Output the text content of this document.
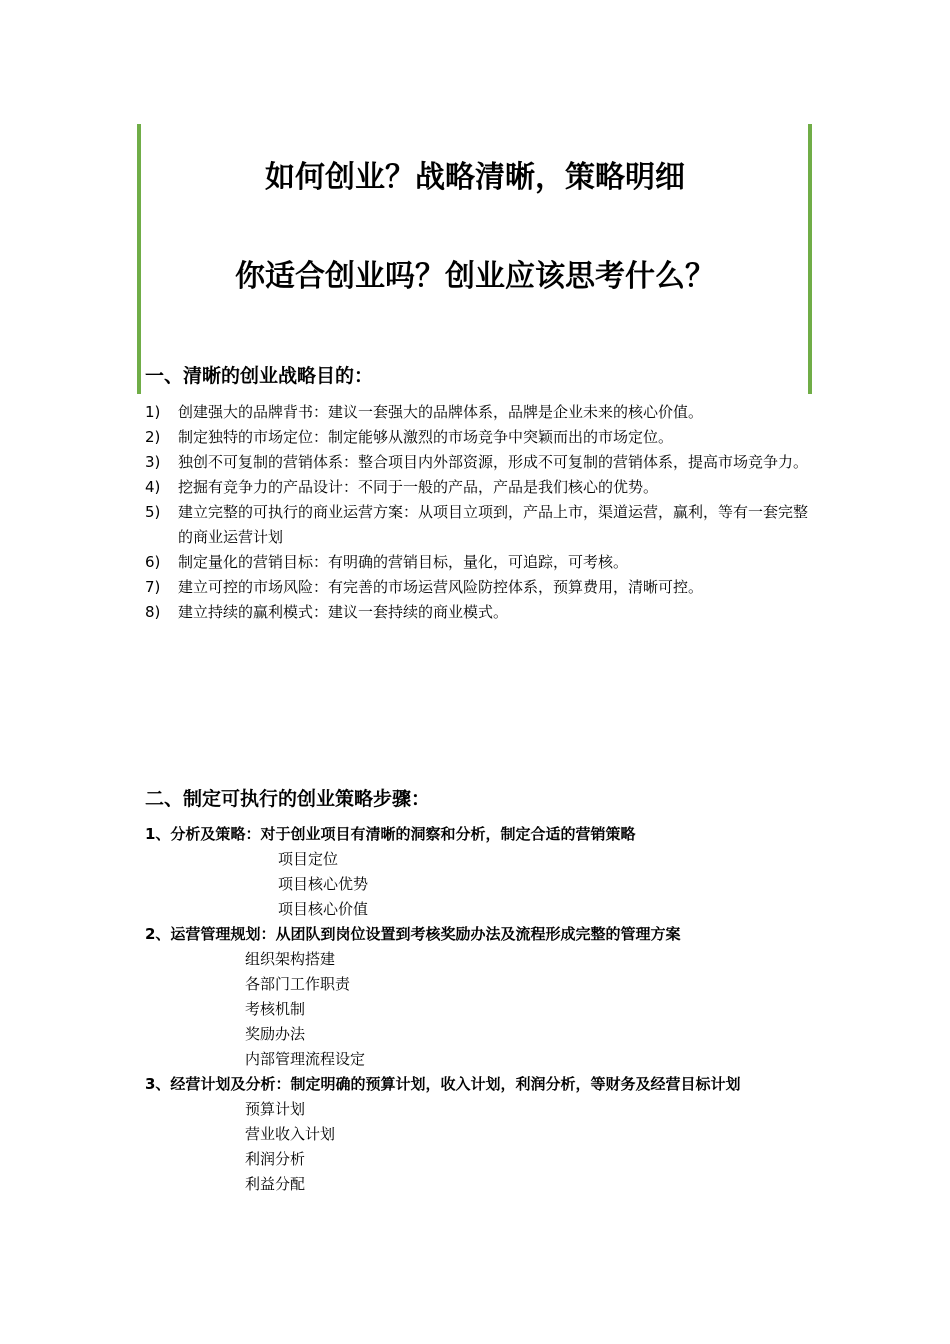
如何创业？战略清晰，策略明细
你适合创业吗？创业应该思考什么？
一、清晰的创业战略目的：
1) 创建强大的品牌背书：建议一套强大的品牌体系，品牌是企业未来的核心价值。
2) 制定独特的市场定位：制定能够从激烈的市场竞争中突颖而出的市场定位。
3) 独创不可复制的营销体系：整合项目内外部资源，形成不可复制的营销体系，提高市场竞争力。
4) 挖掘有竞争力的产品设计：不同于一般的产品，产品是我们核心的优势。
5) 建立完整的可执行的商业运营方案：从项目立项到，产品上市，渠道运营，赢利，等有一套完整的商业运营计划
6) 制定量化的营销目标：有明确的营销目标，量化，可追踪，可考核。
7) 建立可控的市场风险：有完善的市场运营风险防控体系，预算费用，清晰可控。
8) 建立持续的赢利模式：建议一套持续的商业模式。
二、制定可执行的创业策略步骤：
1、分析及策略：对于创业项目有清晰的洞察和分析，制定合适的营销策略
项目定位
项目核心优势
项目核心价值
2、运营管理规划：从团队到岗位设置到考核奖励办法及流程形成完整的管理方案
组织架构搭建
各部门工作职责
考核机制
奖励办法
内部管理流程设定
3、经营计划及分析：制定明确的预算计划，收入计划，利润分析，等财务及经营目标计划
预算计划
营业收入计划
利润分析
利益分配
